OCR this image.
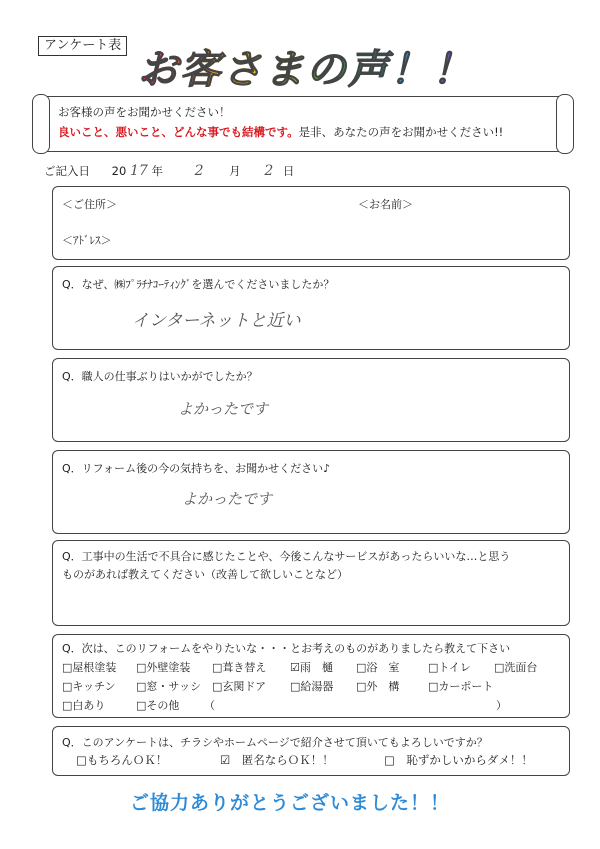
アンケート表
お客さまの声！！
お客様の声をお聞かせください！
良いこと、悪いこと、どんな事でも結構です。是非、あなたの声をお聞かせください!!
ご記入日 20 17 年 2 月 2 日
＜ご住所＞	＜お名前＞
＜ｱﾄﾞﾚｽ＞
Q．なぜ、㈱ﾌﾟﾗﾁﾅｺｰﾃｨﾝｸﾞを選んでくださいましたか？
インターネットと近い
Q．職人の仕事ぶりはいかがでしたか？
よかったです
Q．リフォーム後の今の気持ちを、お聞かせください♪
よかったです
Q．工事中の生活で不具合に感じたことや、今後こんなサービスがあったらいいな…と思う
ものがあれば教えてください（改善して欲しいことなど）
Q．次は、このリフォームをやりたいな・・・とお考えのものがありましたら教えて下さい
□屋根塗装 □外壁塗装 □葺き替え ☑雨　樋 □浴　室	□トイレ □洗面台
□キッチン □窓・サッシ □玄関ドア □給湯器 □外　構	□カーポート
□白あり	□その他 （	）
Q．このアンケートは、チラシやホームページで紹介させて頂いてもよろしいですか？
□もちろんＯＫ！	☑　匿名ならＯＫ！！	□　恥ずかしいからダメ！！
ご協力ありがとうございました！！
